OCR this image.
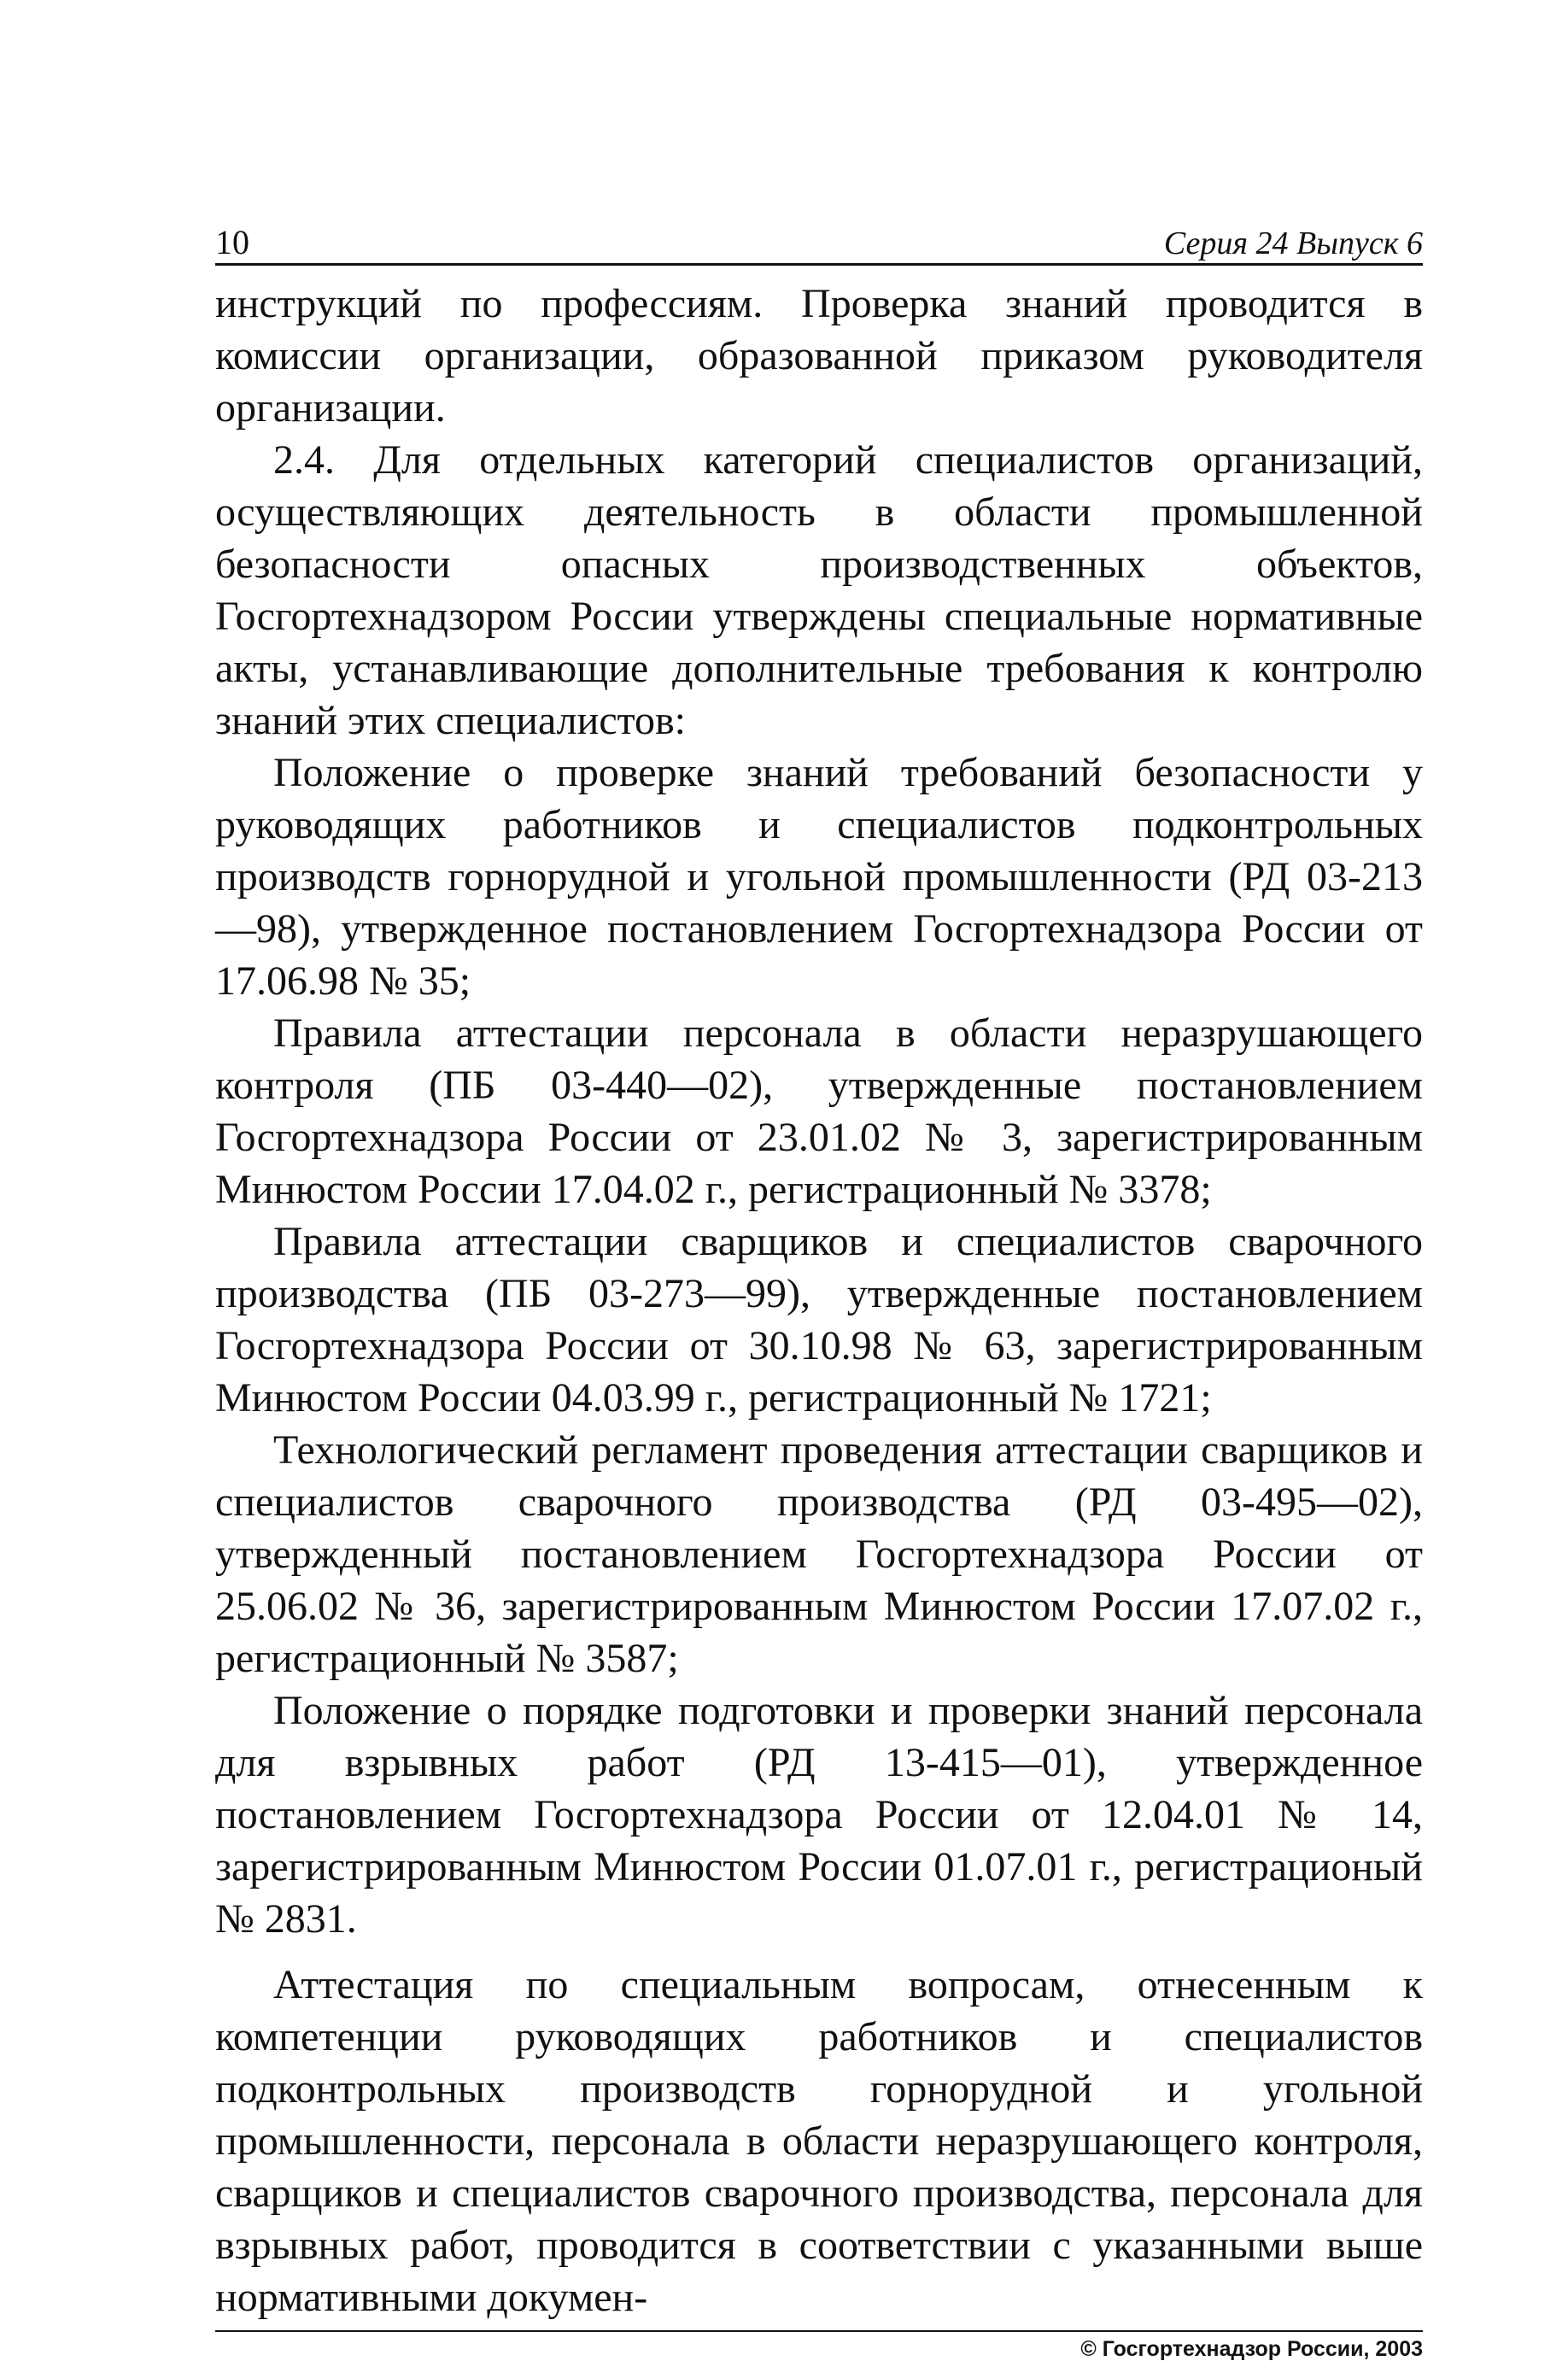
10	Серия 24 Выпуск 6

инструкций по профессиям. Проверка знаний проводится в комиссии организации, образованной приказом руководителя организации.

2.4. Для отдельных категорий специалистов организаций, осуществляющих деятельность в области промышленной безопасности опасных производственных объектов, Госгортехнадзором России утверждены специальные нормативные акты, устанавливающие дополнительные требования к контролю знаний этих специалистов:

Положение о проверке знаний требований безопасности у руководящих работников и специалистов подконтрольных производств горнорудной и угольной промышленности (РД 03-213—98), утвержденное постановлением Госгортехнадзора России от 17.06.98 № 35;

Правила аттестации персонала в области неразрушающего контроля (ПБ 03-440—02), утвержденные постановлением Госгортехнадзора России от 23.01.02 № 3, зарегистрированным Минюстом России 17.04.02 г., регистрационный № 3378;

Правила аттестации сварщиков и специалистов сварочного производства (ПБ 03-273—99), утвержденные постановлением Госгортехнадзора России от 30.10.98 № 63, зарегистрированным Минюстом России 04.03.99 г., регистрационный № 1721;

Технологический регламент проведения аттестации сварщиков и специалистов сварочного производства (РД 03-495—02), утвержденный постановлением Госгортехнадзора России от 25.06.02 № 36, зарегистрированным Минюстом России 17.07.02 г., регистрационный № 3587;

Положение о порядке подготовки и проверки знаний персонала для взрывных работ (РД 13-415—01), утвержденное постановлением Госгортехнадзора России от 12.04.01 № 14, зарегистрированным Минюстом России 01.07.01 г., регистрационый № 2831.

Аттестация по специальным вопросам, отнесенным к компетенции руководящих работников и специалистов подконтрольных производств горнорудной и угольной промышленности, персонала в области неразрушающего контроля, сварщиков и специалистов сварочного производства, персонала для взрывных работ, проводится в соответствии с указанными выше нормативными докумен-

© Госгортехнадзор России, 2003
